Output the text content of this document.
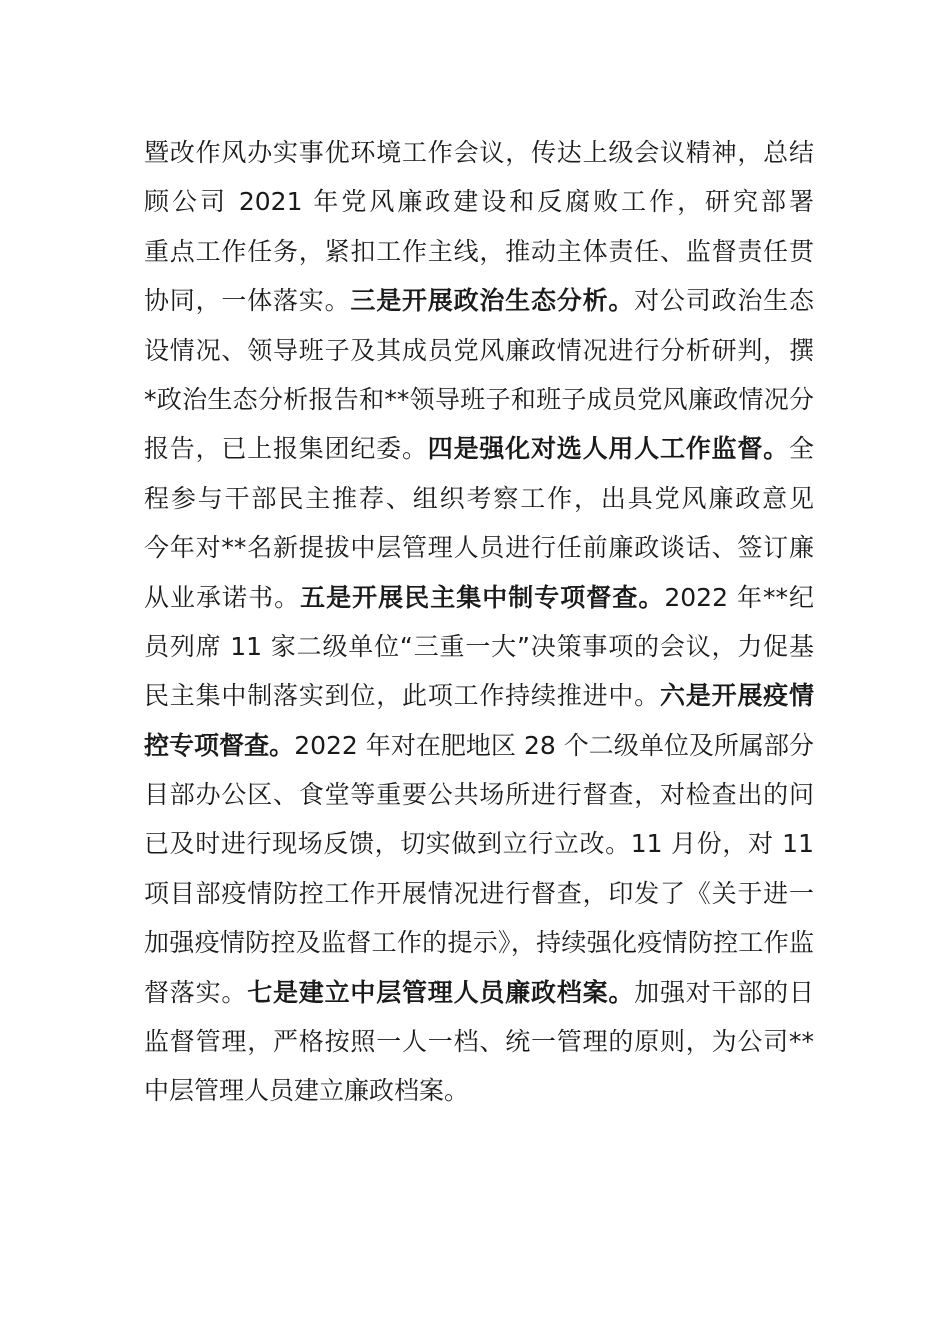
暨改作风办实事优环境工作会议，传达上级会议精神，总结
顾公司 2021 年党风廉政建设和反腐败工作，研究部署
重点工作任务，紧扣工作主线，推动主体责任、监督责任贯
协同，一体落实。三是开展政治生态分析。对公司政治生态
设情况、领导班子及其成员党风廉政情况进行分析研判，撰
*政治生态分析报告和**领导班子和班子成员党风廉政情况分
报告，已上报集团纪委。四是强化对选人用人工作监督。全
程参与干部民主推荐、组织考察工作，出具党风廉政意见
今年对**名新提拔中层管理人员进行任前廉政谈话、签订廉
从业承诺书。五是开展民主集中制专项督查。2022 年**纪
员列席 11 家二级单位“三重一大”决策事项的会议，力促基
民主集中制落实到位，此项工作持续推进中。六是开展疫情
控专项督查。2022 年对在肥地区 28 个二级单位及所属部分
目部办公区、食堂等重要公共场所进行督查，对检查出的问
已及时进行现场反馈，切实做到立行立改。11 月份，对 11
项目部疫情防控工作开展情况进行督查，印发了《关于进一
加强疫情防控及监督工作的提示》，持续强化疫情防控工作监
督落实。七是建立中层管理人员廉政档案。加强对干部的日
监督管理，严格按照一人一档、统一管理的原则，为公司**
中层管理人员建立廉政档案。
